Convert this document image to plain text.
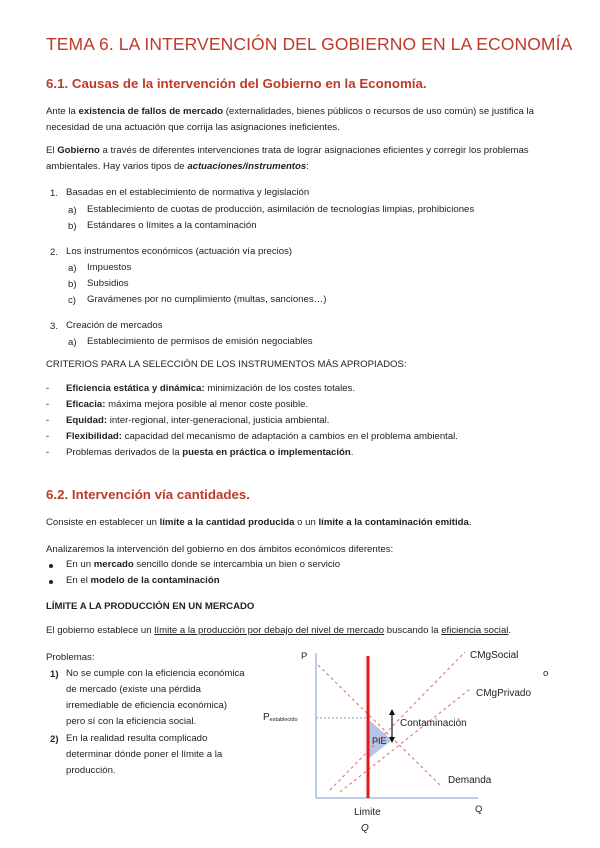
TEMA 6. LA INTERVENCIÓN DEL GOBIERNO EN LA ECONOMÍA
6.1. Causas de la intervención del Gobierno en la Economía.
Ante la existencia de fallos de mercado (externalidades, bienes públicos o recursos de uso común) se justifica la
necesidad de una actuación que corrija las asignaciones ineficientes.
El Gobierno a través de diferentes intervenciones trata de lograr asignaciones eficientes y corregir los problemas
ambientales. Hay varios tipos de actuaciones/instrumentos:
1. Basadas en el establecimiento de normativa y legislación
a) Establecimiento de cuotas de producción, asimilación de tecnologías limpias, prohibiciones
b) Estándares o límites a la contaminación
2. Los instrumentos económicos (actuación vía precios)
a) Impuestos
b) Subsidios
c) Gravámenes por no cumplimiento (multas, sanciones…)
3. Creación de mercados
a) Establecimiento de permisos de emisión negociables
CRITERIOS PARA LA SELECCIÓN DE LOS INSTRUMENTOS MÁS APROPIADOS:
- Eficiencia estática y dinámica: minimización de los costes totales.
- Eficacia: máxima mejora posible al menor coste posible.
- Equidad: inter-regional, inter-generacional, justicia ambiental.
- Flexibilidad: capacidad del mecanismo de adaptación a cambios en el problema ambiental.
- Problemas derivados de la puesta en práctica o implementación.
6.2. Intervención vía cantidades.
Consiste en establecer un límite a la cantidad producida o un límite a la contaminación emitida.
Analizaremos la intervención del gobierno en dos ámbitos económicos diferentes:
En un mercado sencillo donde se intercambia un bien o servicio
En el modelo de la contaminación
LÍMITE A LA PRODUCCIÓN EN UN MERCADO
El gobierno establece un límite a la producción por debajo del nivel de mercado buscando la eficiencia social.
Problemas:
1) No se cumple con la eficiencia económica
de mercado (existe una pérdida
irremediable de eficiencia económica)
pero sí con la eficiencia social.
2) En la realidad resulta complicado
determinar dónde poner el límite a la
producción.
o
P
Q
CMgSocial
CMgPrivado
Demanda
Contaminación
PIE
Pestablecido
Limite
Q
